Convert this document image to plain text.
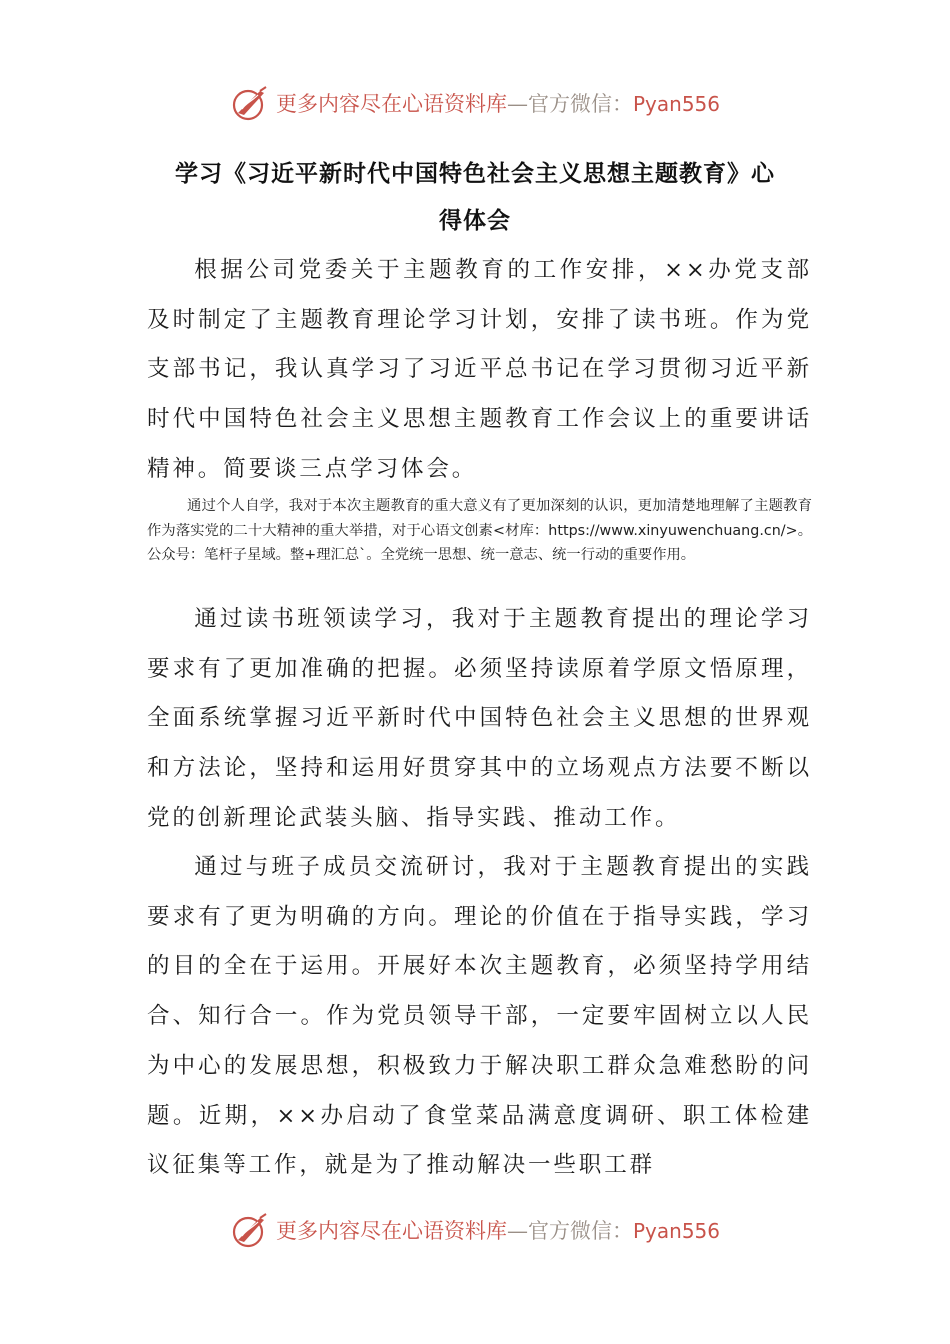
更多内容尽在心语资料库—官方微信：Pyan556
学习《习近平新时代中国特色社会主义思想主题教育》心
得体会

根据公司党委关于主题教育的工作安排，××办党支部及时制定了主题教育理论学习计划，安排了读书班。作为党支部书记，我认真学习了习近平总书记在学习贯彻习近平新时代中国特色社会主义思想主题教育工作会议上的重要讲话精神。简要谈三点学习体会。

通过个人自学，我对于本次主题教育的重大意义有了更加深刻的认识，更加清楚地理解了主题教育作为落实党的二十大精神的重大举措，对于心语文创素<材库：https://www.xinyuwenchuang.cn/>。公众号：笔杆子星域。整+理汇总`。全党统一思想、统一意志、统一行动的重要作用。

通过读书班领读学习，我对于主题教育提出的理论学习要求有了更加准确的把握。必须坚持读原着学原文悟原理，全面系统掌握习近平新时代中国特色社会主义思想的世界观和方法论，坚持和运用好贯穿其中的立场观点方法要不断以党的创新理论武装头脑、指导实践、推动工作。

通过与班子成员交流研讨，我对于主题教育提出的实践要求有了更为明确的方向。理论的价值在于指导实践，学习的目的全在于运用。开展好本次主题教育，必须坚持学用结合、知行合一。作为党员领导干部，一定要牢固树立以人民为中心的发展思想，积极致力于解决职工群众急难愁盼的问题。近期，××办启动了食堂菜品满意度调研、职工体检建议征集等工作，就是为了推动解决一些职工群

更多内容尽在心语资料库—官方微信：Pyan556
